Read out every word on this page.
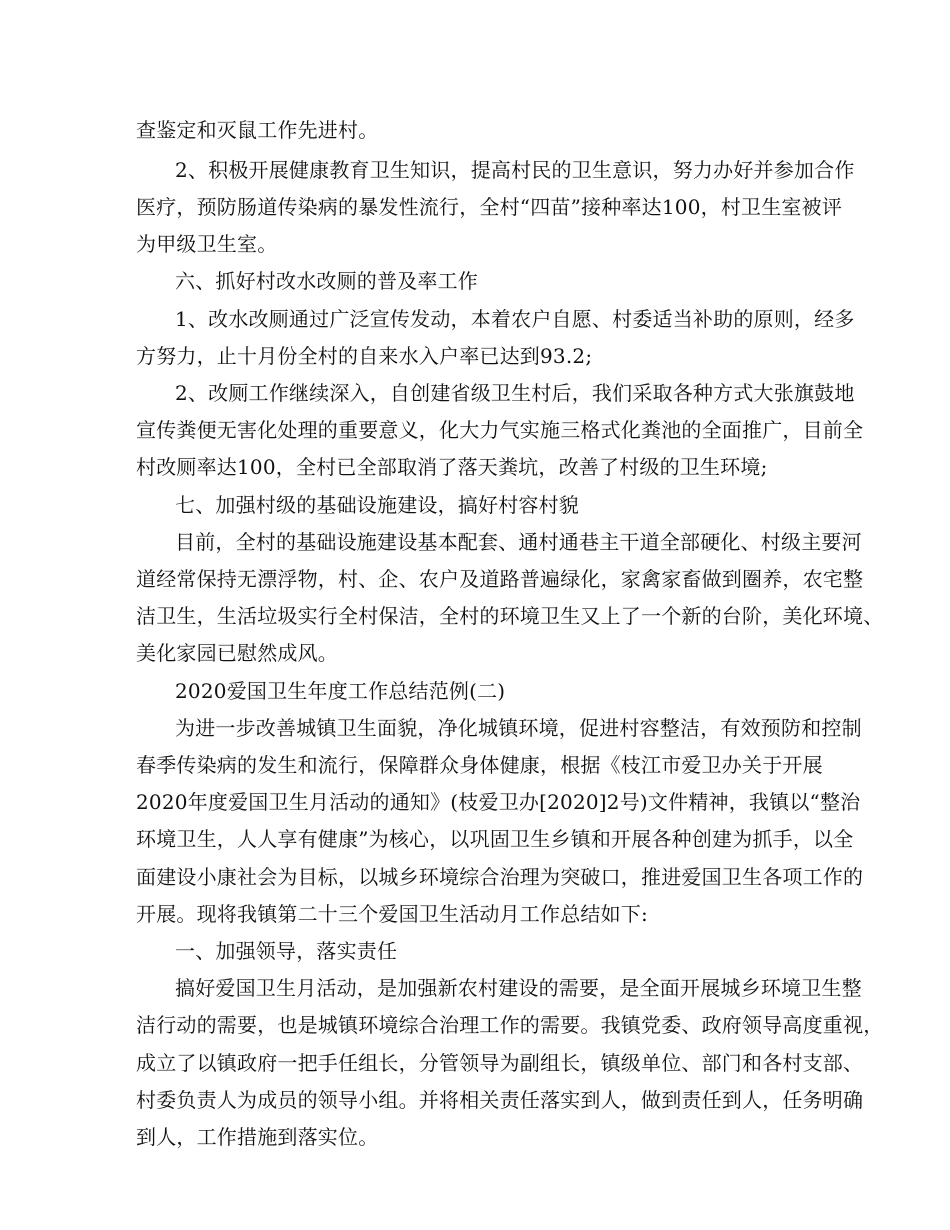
查鉴定和灭鼠工作先进村。
2、积极开展健康教育卫生知识，提高村民的卫生意识，努力办好并参加合作
医疗，预防肠道传染病的暴发性流行，全村“四苗”接种率达100，村卫生室被评
为甲级卫生室。
六、抓好村改水改厕的普及率工作
1、改水改厕通过广泛宣传发动，本着农户自愿、村委适当补助的原则，经多
方努力，止十月份全村的自来水入户率已达到93.2;
2、改厕工作继续深入，自创建省级卫生村后，我们采取各种方式大张旗鼓地
宣传粪便无害化处理的重要意义，化大力气实施三格式化粪池的全面推广，目前全
村改厕率达100，全村已全部取消了落天粪坑，改善了村级的卫生环境;
七、加强村级的基础设施建设，搞好村容村貌
目前，全村的基础设施建设基本配套、通村通巷主干道全部硬化、村级主要河
道经常保持无漂浮物，村、企、农户及道路普遍绿化，家禽家畜做到圈养，农宅整
洁卫生，生活垃圾实行全村保洁，全村的环境卫生又上了一个新的台阶，美化环境、
美化家园已慰然成风。
2020爱国卫生年度工作总结范例(二)
为进一步改善城镇卫生面貌，净化城镇环境，促进村容整洁，有效预防和控制
春季传染病的发生和流行，保障群众身体健康，根据《枝江市爱卫办关于开展
2020年度爱国卫生月活动的通知》(枝爱卫办[2020]2号)文件精神，我镇以“整治
环境卫生，人人享有健康”为核心，以巩固卫生乡镇和开展各种创建为抓手，以全
面建设小康社会为目标，以城乡环境综合治理为突破口，推进爱国卫生各项工作的
开展。现将我镇第二十三个爱国卫生活动月工作总结如下:
一、加强领导，落实责任
搞好爱国卫生月活动，是加强新农村建设的需要，是全面开展城乡环境卫生整
洁行动的需要，也是城镇环境综合治理工作的需要。我镇党委、政府领导高度重视，
成立了以镇政府一把手任组长，分管领导为副组长，镇级单位、部门和各村支部、
村委负责人为成员的领导小组。并将相关责任落实到人，做到责任到人，任务明确
到人，工作措施到落实位。
